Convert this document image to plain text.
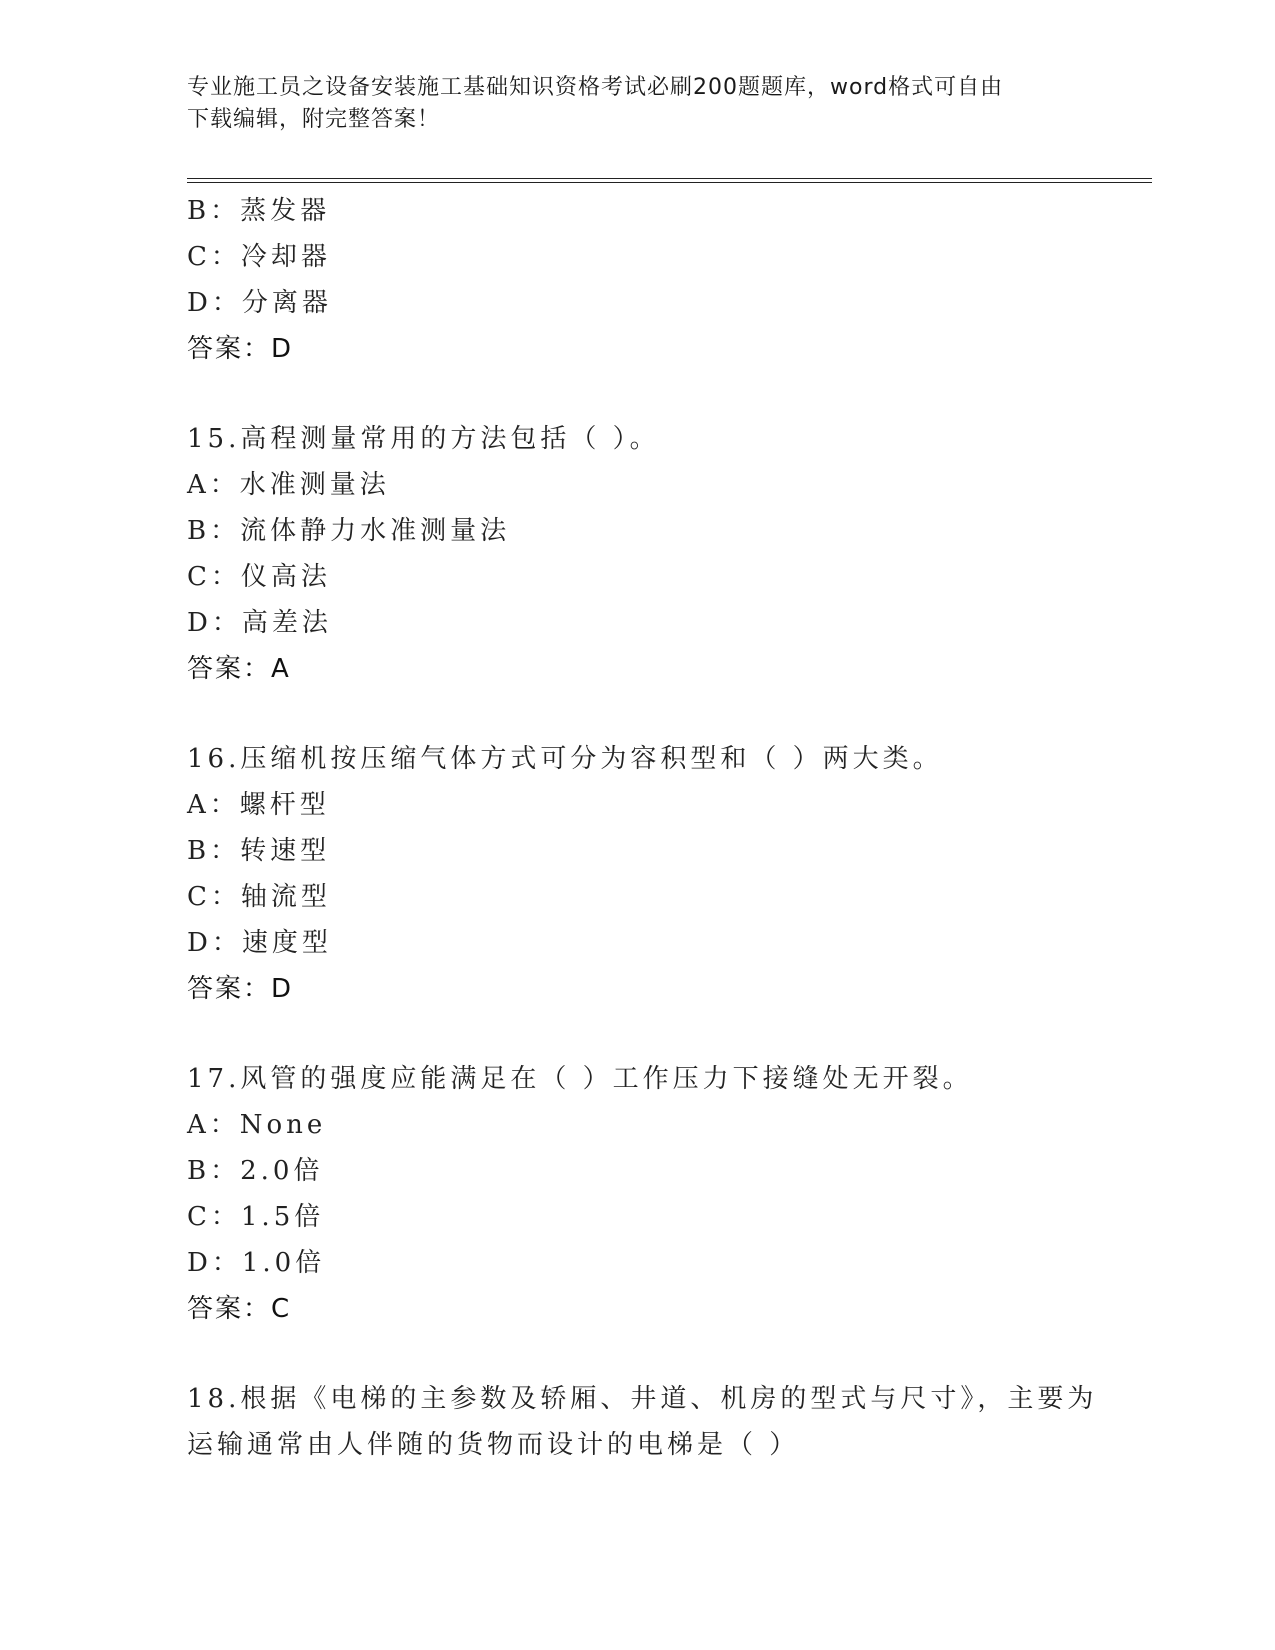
专业施工员之设备安装施工基础知识资格考试必刷200题题库，word格式可自由
下载编辑，附完整答案！
B：蒸发器
C：冷却器
D：分离器
答案：D
15.高程测量常用的方法包括（ ）。
A：水准测量法
B：流体静力水准测量法
C：仪高法
D：高差法
答案：A
16.压缩机按压缩气体方式可分为容积型和（ ）两大类。
A：螺杆型
B：转速型
C：轴流型
D：速度型
答案：D
17.风管的强度应能满足在（ ）工作压力下接缝处无开裂。
A：None
B：2.0倍
C：1.5倍
D：1.0倍
答案：C
18.根据《电梯的主参数及轿厢、井道、机房的型式与尺寸》，主要为
运输通常由人伴随的货物而设计的电梯是（ ）
